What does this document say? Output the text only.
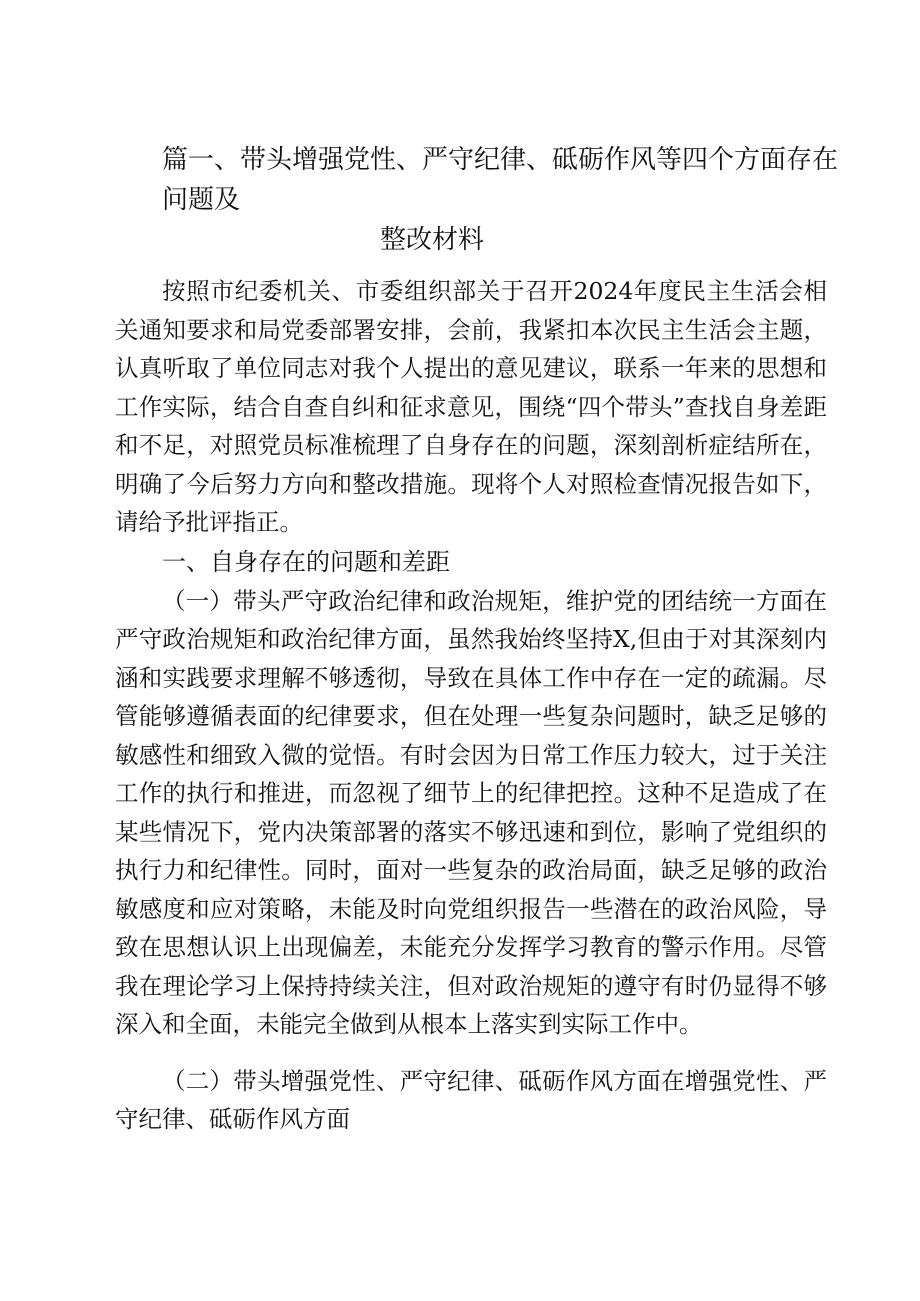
篇一、带头增强党性、严守纪律、砥砺作风等四个方面存在问题及
整改材料

按照市纪委机关、市委组织部关于召开2024年度民主生活会相关通知要求和局党委部署安排，会前，我紧扣本次民主生活会主题，认真听取了单位同志对我个人提出的意见建议，联系一年来的思想和工作实际，结合自查自纠和征求意见，围绕“四个带头”查找自身差距和不足，对照党员标准梳理了自身存在的问题，深刻剖析症结所在，明确了今后努力方向和整改措施。现将个人对照检查情况报告如下，请给予批评指正。

一、自身存在的问题和差距

（一）带头严守政治纪律和政治规矩，维护党的团结统一方面在严守政治规矩和政治纪律方面，虽然我始终坚持X,但由于对其深刻内涵和实践要求理解不够透彻，导致在具体工作中存在一定的疏漏。尽管能够遵循表面的纪律要求，但在处理一些复杂问题时，缺乏足够的敏感性和细致入微的觉悟。有时会因为日常工作压力较大，过于关注工作的执行和推进，而忽视了细节上的纪律把控。这种不足造成了在某些情况下，党内决策部署的落实不够迅速和到位，影响了党组织的执行力和纪律性。同时，面对一些复杂的政治局面，缺乏足够的政治敏感度和应对策略，未能及时向党组织报告一些潜在的政治风险，导致在思想认识上出现偏差，未能充分发挥学习教育的警示作用。尽管我在理论学习上保持持续关注，但对政治规矩的遵守有时仍显得不够深入和全面，未能完全做到从根本上落实到实际工作中。

（二）带头增强党性、严守纪律、砥砺作风方面在增强党性、严守纪律、砥砺作风方面
